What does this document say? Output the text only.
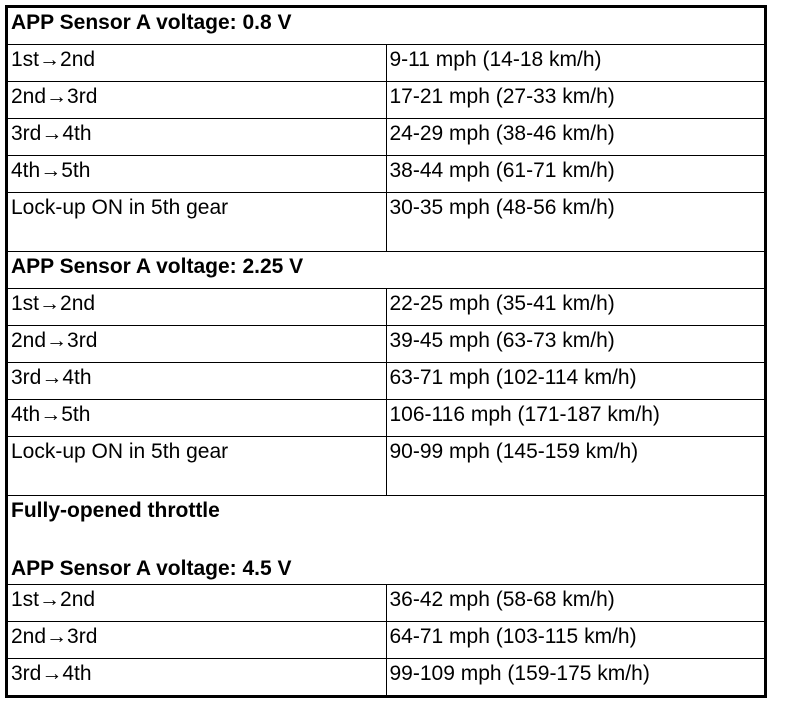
APP Sensor A voltage: 0.8 V	
1st→2nd	9-11 mph (14-18 km/h)
2nd→3rd	17-21 mph (27-33 km/h)
3rd→4th	24-29 mph (38-46 km/h)
4th→5th	38-44 mph (61-71 km/h)
Lock-up ON in 5th gear	30-35 mph (48-56 km/h)
APP Sensor A voltage: 2.25 V	
1st→2nd	22-25 mph (35-41 km/h)
2nd→3rd	39-45 mph (63-73 km/h)
3rd→4th	63-71 mph (102-114 km/h)
4th→5th	106-116 mph (171-187 km/h)
Lock-up ON in 5th gear	90-99 mph (145-159 km/h)

Fully-opened throttle

APP Sensor A voltage: 4.5 V	

1st→2nd	36-42 mph (58-68 km/h)
2nd→3rd	64-71 mph (103-115 km/h)
3rd→4th	99-109 mph (159-175 km/h)
